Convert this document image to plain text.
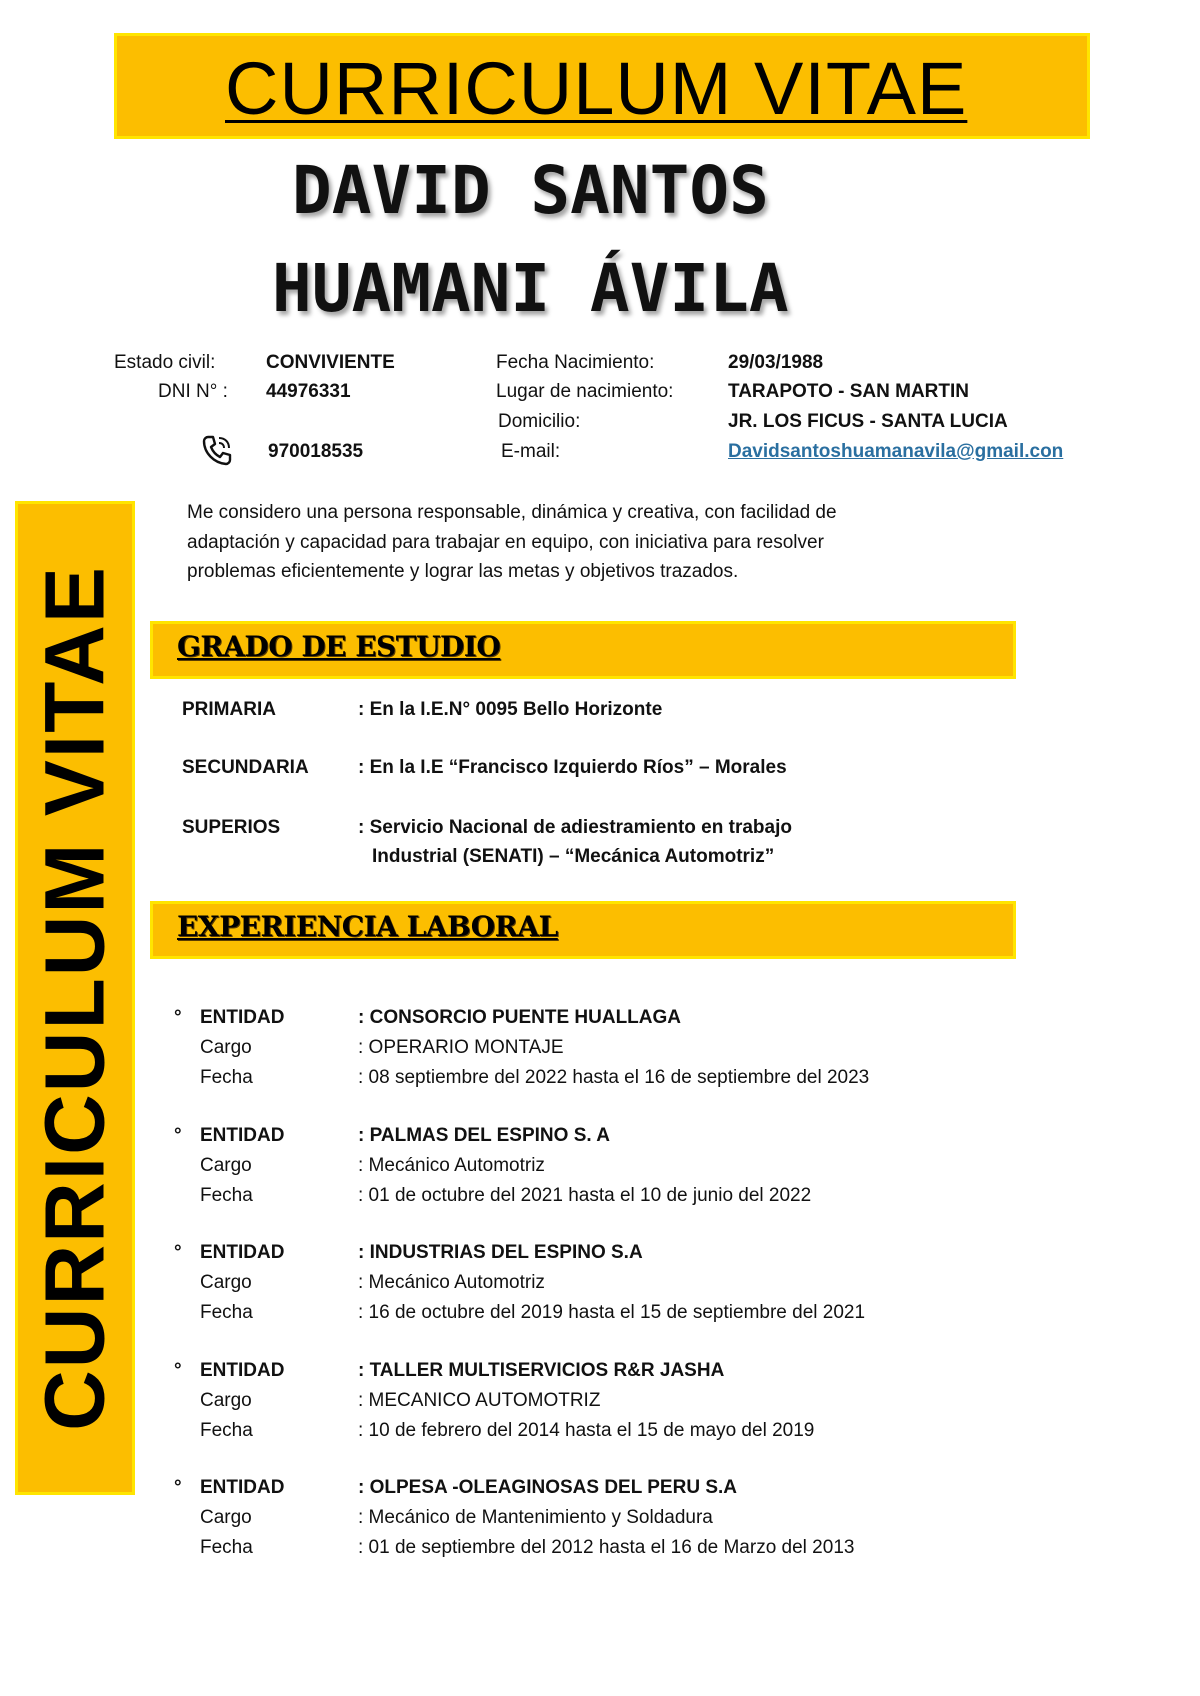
CURRICULUM VITAE
DAVID SANTOS
HUAMANI ÁVILA
Estado civil:	CONVIVIENTE
DNI N° : 44976331
970018535
Fecha Nacimiento:	29/03/1988
Lugar de nacimiento:	TARAPOTO - SAN MARTIN
Domicilio:	JR. LOS FICUS - SANTA LUCIA
E-mail:	Davidsantoshuamanavila@gmail.con
CURRICULUM VITAE
Me considero una persona responsable, dinámica y creativa, con facilidad de
adaptación y capacidad para trabajar en equipo, con iniciativa para resolver
problemas eficientemente y lograr las metas y objetivos trazados.
GRADO DE ESTUDIO
PRIMARIA	: En la I.E.N° 0095 Bello Horizonte
SECUNDARIA	: En la I.E “Francisco Izquierdo Ríos” – Morales
SUPERIOS	: Servicio Nacional de adiestramiento en trabajo
Industrial (SENATI) – “Mecánica Automotriz”
EXPERIENCIA LABORAL
° ENTIDAD	: CONSORCIO PUENTE HUALLAGA
Cargo	: OPERARIO MONTAJE
Fecha	: 08 septiembre del 2022 hasta el 16 de septiembre del 2023
° ENTIDAD	: PALMAS DEL ESPINO S. A
Cargo	: Mecánico Automotriz
Fecha	: 01 de octubre del 2021 hasta el 10 de junio del 2022
° ENTIDAD	: INDUSTRIAS DEL ESPINO S.A
Cargo	: Mecánico Automotriz
Fecha	: 16 de octubre del 2019 hasta el 15 de septiembre del 2021
° ENTIDAD	: TALLER MULTISERVICIOS R&R JASHA
Cargo	: MECANICO AUTOMOTRIZ
Fecha	: 10 de febrero del 2014 hasta el 15 de mayo del 2019
° ENTIDAD	: OLPESA -OLEAGINOSAS DEL PERU S.A
Cargo	: Mecánico de Mantenimiento y Soldadura
Fecha	: 01 de septiembre del 2012 hasta el 16 de Marzo del 2013
